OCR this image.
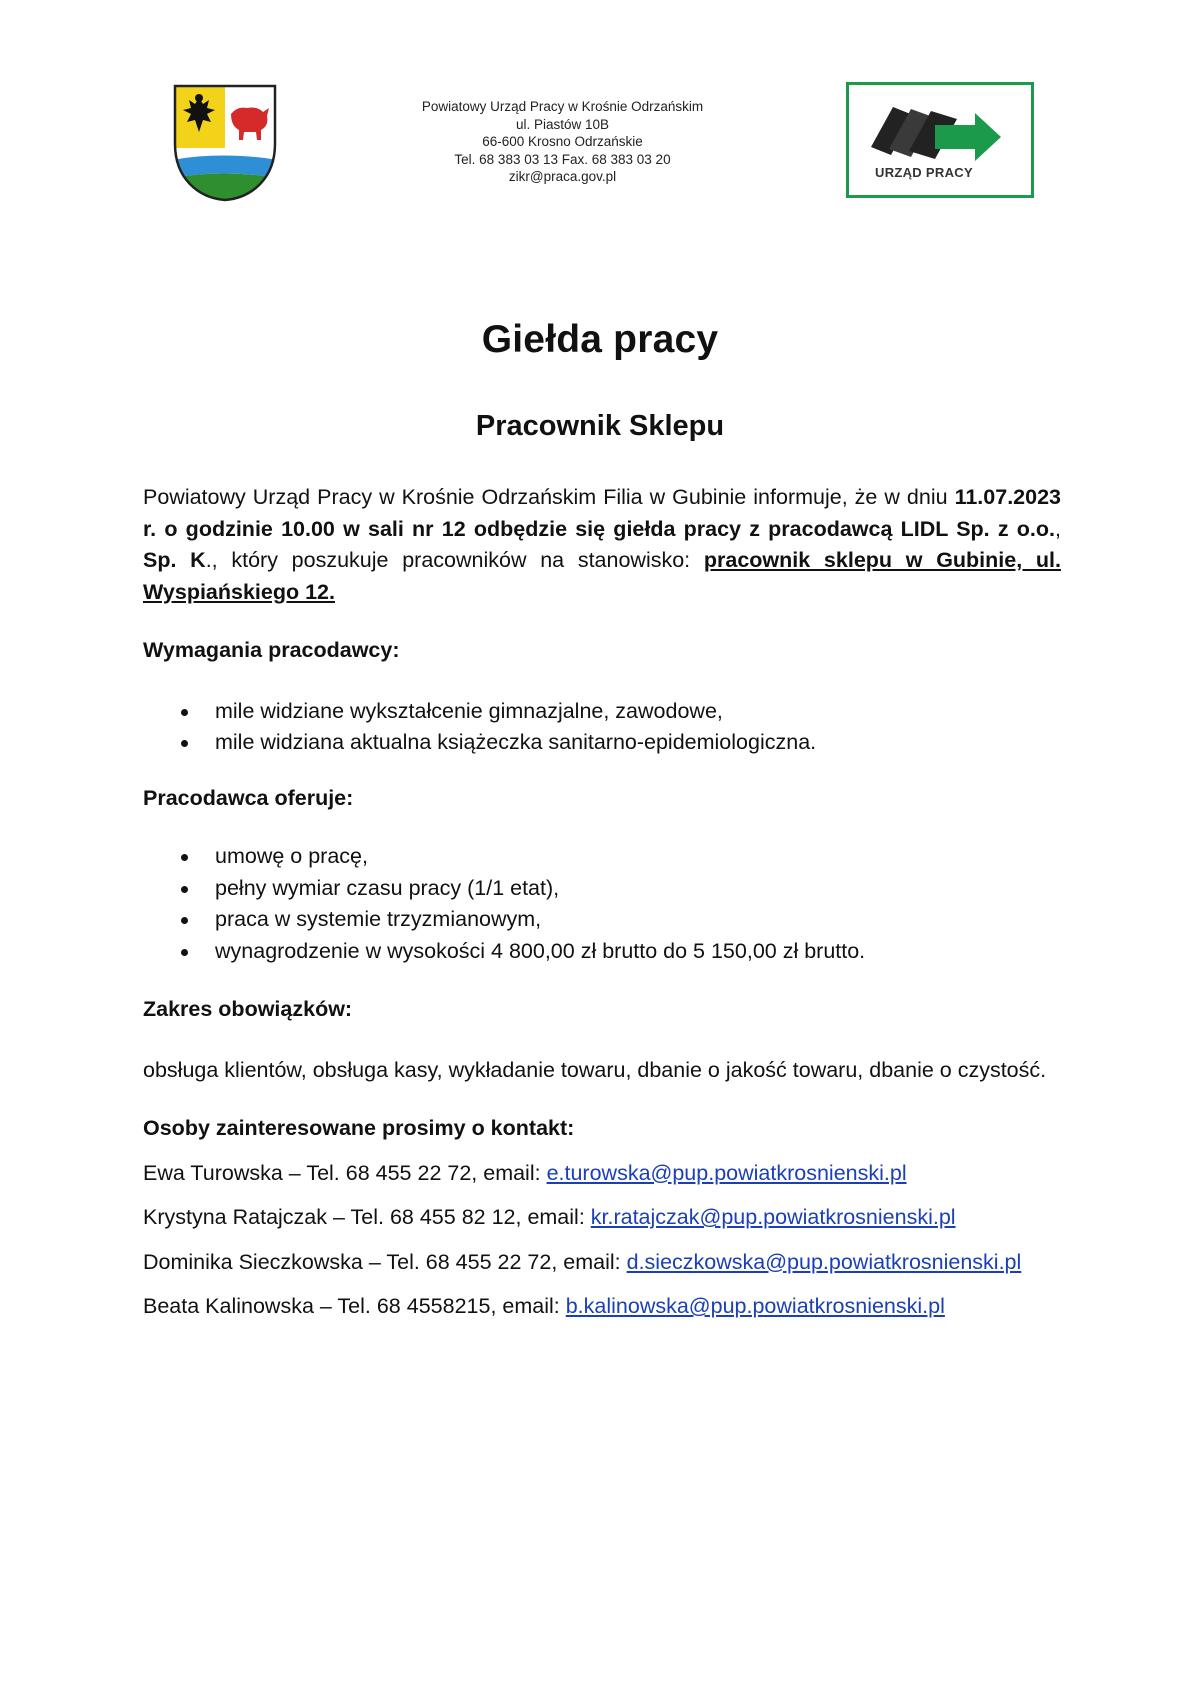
Powiatowy Urząd Pracy w Krośnie Odrzańskim
ul. Piastów 10B
66-600 Krosno Odrzańskie
Tel. 68 383 03 13 Fax. 68 383 03 20
zikr@praca.gov.pl	URZĄD PRACY
Giełda pracy
Pracownik Sklepu

Powiatowy Urząd Pracy w Krośnie Odrzańskim Filia w Gubinie informuje, że w dniu 11.07.2023 r. o godzinie 10.00 w sali nr 12 odbędzie się giełda pracy z pracodawcą LIDL Sp. z o.o., Sp. K., który poszukuje pracowników na stanowisko: pracownik sklepu w Gubinie, ul. Wyspiańskiego 12.

Wymagania pracodawcy:

mile widziane wykształcenie gimnazjalne, zawodowe,
mile widziana aktualna książeczka sanitarno-epidemiologiczna.

Pracodawca oferuje:

umowę o pracę,
pełny wymiar czasu pracy (1/1 etat),
praca w systemie trzyzmianowym,
wynagrodzenie w wysokości 4 800,00 zł brutto do 5 150,00 zł brutto.

Zakres obowiązków:

obsługa klientów, obsługa kasy, wykładanie towaru, dbanie o jakość towaru, dbanie o czystość.

Osoby zainteresowane prosimy o kontakt:

Ewa Turowska – Tel. 68 455 22 72, email: e.turowska@pup.powiatkrosnienski.pl

Krystyna Ratajczak – Tel. 68 455 82 12, email: kr.ratajczak@pup.powiatkrosnienski.pl

Dominika Sieczkowska – Tel. 68 455 22 72, email: d.sieczkowska@pup.powiatkrosnienski.pl

Beata Kalinowska – Tel. 68 4558215, email: b.kalinowska@pup.powiatkrosnienski.pl
